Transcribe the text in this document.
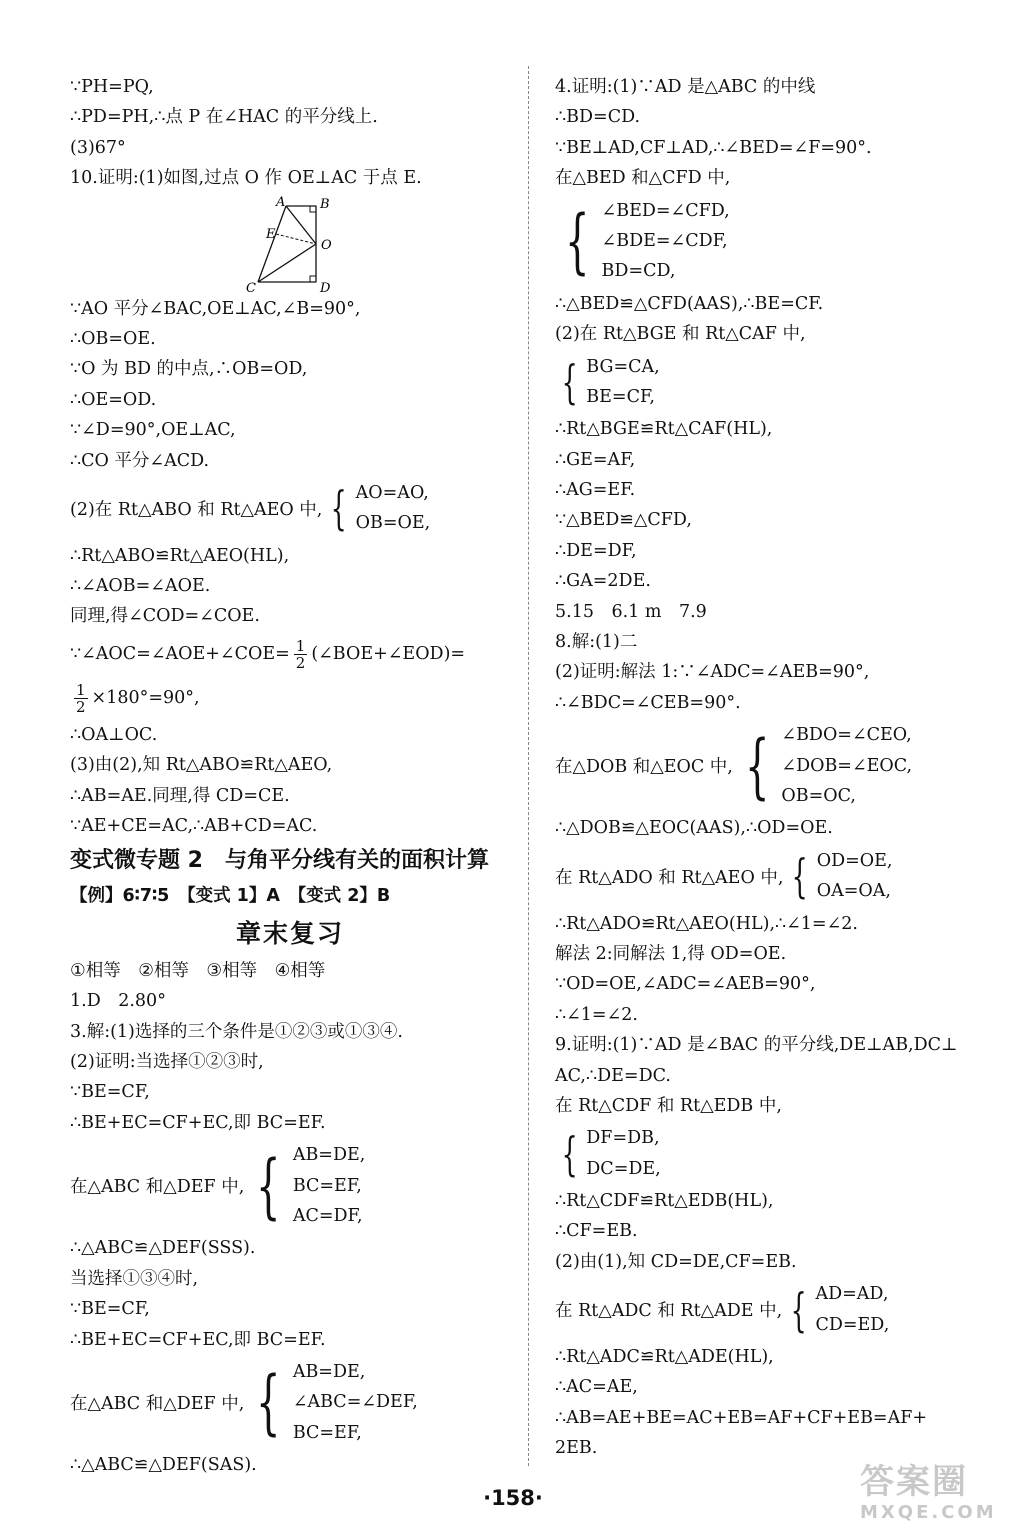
∵PH=PQ,
∴PD=PH,∴点 P 在∠HAC 的平分线上.
(3)67°
10.证明:(1)如图,过点 O 作 OE⊥AC 于点 E.
A	B
E
O
C	D
∵AO 平分∠BAC,OE⊥AC,∠B=90°,
∴OB=OE.
∵O 为 BD 的中点,∴OB=OD,
∴OE=OD.
∵∠D=90°,OE⊥AC,
∴CO 平分∠ACD.
(2)在 Rt△ABO 和 Rt△AEO 中, { AO=AO,
OB=OE,
∴Rt△ABO≌Rt△AEO(HL),
∴∠AOB=∠AOE.
同理,得∠COD=∠COE.
∵∠AOC=∠AOE+∠COE= $\frac{1}{2}$ (∠BOE+∠EOD)=
$\frac{1}{2} \times 180^\circ=90^\circ$,
∴OA⊥OC.
(3)由(2),知 Rt△ABO≌Rt△AEO,
∴AB=AE.同理,得 CD=CE.
∵AE+CE=AC,∴AB+CD=AC.
变式微专题 2　与角平分线有关的面积计算
【例】6∶7∶5　【变式 1】A　【变式 2】B
章末复习
①相等　②相等　③相等　④相等
1.D　2.80°
3.解:(1)选择的三个条件是①②③或①③④.
(2)证明:当选择①②③时,
∵BE=CF,
∴BE+EC=CF+EC,即 BC=EF.
在△ABC 和△DEF 中, { AB=DE,
BC=EF,
AC=DF,
∴△ABC≌△DEF(SSS).
当选择①③④时,
∵BE=CF,
∴BE+EC=CF+EC,即 BC=EF.
在△ABC 和△DEF 中, { AB=DE,
∠ABC=∠DEF,
BC=EF,
∴△ABC≌△DEF(SAS).
4.证明:(1)∵AD 是△ABC 的中线
∴BD=CD.
∵BE⊥AD,CF⊥AD,∴∠BED=∠F=90°.
在△BED 和△CFD 中,
{ ∠BED=∠CFD,
∠BDE=∠CDF,
BD=CD,
∴△BED≌△CFD(AAS),∴BE=CF.
(2)在 Rt△BGE 和 Rt△CAF 中,
{ BG=CA,
BE=CF,
∴Rt△BGE≌Rt△CAF(HL),
∴GE=AF,
∴AG=EF.
∵△BED≌△CFD,
∴DE=DF,
∴GA=2DE.
5.15　6.1 m　7.9
8.解:(1)二
(2)证明:解法 1:∵∠ADC=∠AEB=90°,
∴∠BDC=∠CEB=90°.
在△DOB 和△EOC 中, { ∠BDO=∠CEO,
∠DOB=∠EOC,
OB=OC,
∴△DOB≌△EOC(AAS),∴OD=OE.
在 Rt△ADO 和 Rt△AEO 中, { OD=OE,
OA=OA,
∴Rt△ADO≌Rt△AEO(HL),∴∠1=∠2.
解法 2:同解法 1,得 OD=OE.
∵OD=OE,∠ADC=∠AEB=90°,
∴∠1=∠2.
9.证明:(1)∵AD 是∠BAC 的平分线,DE⊥AB,DC⊥
AC,∴DE=DC.
在 Rt△CDF 和 Rt△EDB 中,
{ DF=DB,
DC=DE,
∴Rt△CDF≌Rt△EDB(HL),
∴CF=EB.
(2)由(1),知 CD=DE,CF=EB.
在 Rt△ADC 和 Rt△ADE 中, { AD=AD,
CD=ED,
∴Rt△ADC≌Rt△ADE(HL),
∴AC=AE,
∴AB=AE+BE=AC+EB=AF+CF+EB=AF+
2EB.
·158·	答案圈
MXQE.COM
